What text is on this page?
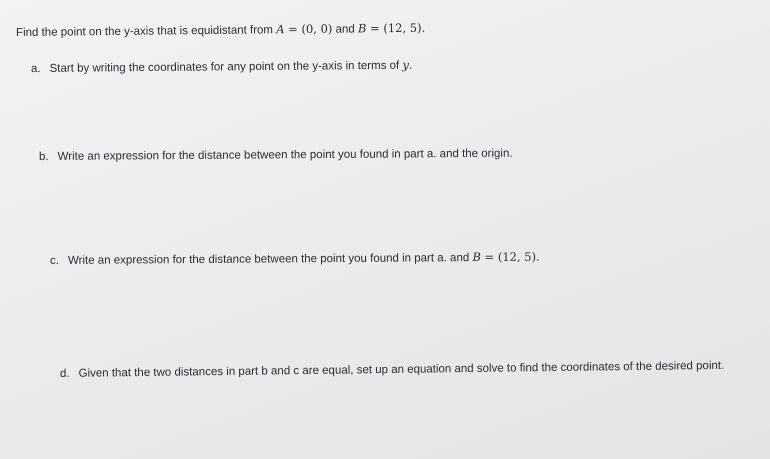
Find the point on the y-axis that is equidistant from A = (0, 0) and B = (12, 5).
a. Start by writing the coordinates for any point on the y-axis in terms of y.
b. Write an expression for the distance between the point you found in part a. and the origin.
c. Write an expression for the distance between the point you found in part a. and B = (12, 5).
d. Given that the two distances in part b and c are equal, set up an equation and solve to find the coordinates of the desired point.
